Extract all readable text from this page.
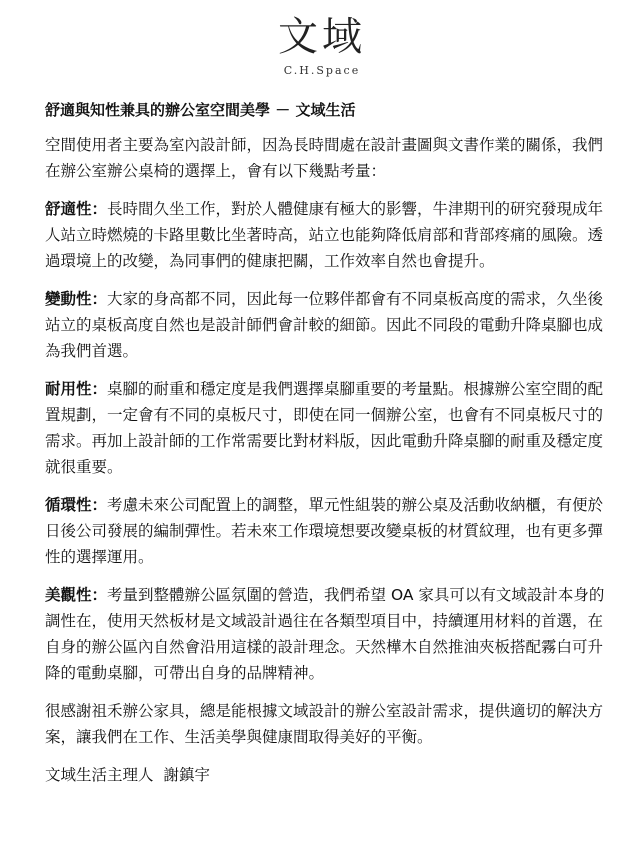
文域
C.H.Space
舒適與知性兼具的辦公室空間美學 － 文域生活

空間使用者主要為室內設計師，因為長時間處在設計畫圖與文書作業的關係，我們在辦公室辦公桌椅的選擇上，會有以下幾點考量：

舒適性：長時間久坐工作，對於人體健康有極大的影響，牛津期刊的研究發現成年人站立時燃燒的卡路里數比坐著時高，站立也能夠降低肩部和背部疼痛的風險。透過環境上的改變，為同事們的健康把關，工作效率自然也會提升。

變動性：大家的身高都不同，因此每一位夥伴都會有不同桌板高度的需求，久坐後站立的桌板高度自然也是設計師們會計較的細節。因此不同段的電動升降桌腳也成為我們首選。

耐用性：桌腳的耐重和穩定度是我們選擇桌腳重要的考量點。根據辦公室空間的配置規劃，一定會有不同的桌板尺寸，即使在同一個辦公室，也會有不同桌板尺寸的需求。再加上設計師的工作常需要比對材料版，因此電動升降桌腳的耐重及穩定度就很重要。

循環性：考慮未來公司配置上的調整，單元性組裝的辦公桌及活動收納櫃，有便於日後公司發展的編制彈性。若未來工作環境想要改變桌板的材質紋理，也有更多彈性的選擇運用。

美觀性：考量到整體辦公區氛圍的營造，我們希望 OA 家具可以有文域設計本身的調性在，使用天然板材是文域設計過往在各類型項目中，持續運用材料的首選，在自身的辦公區內自然會沿用這樣的設計理念。天然樺木自然推油夾板搭配霧白可升降的電動桌腳，可帶出自身的品牌精神。

很感謝祖禾辦公家具，總是能根據文域設計的辦公室設計需求，提供適切的解決方案，讓我們在工作、生活美學與健康間取得美好的平衡。

文域生活主理人 謝鎮宇
